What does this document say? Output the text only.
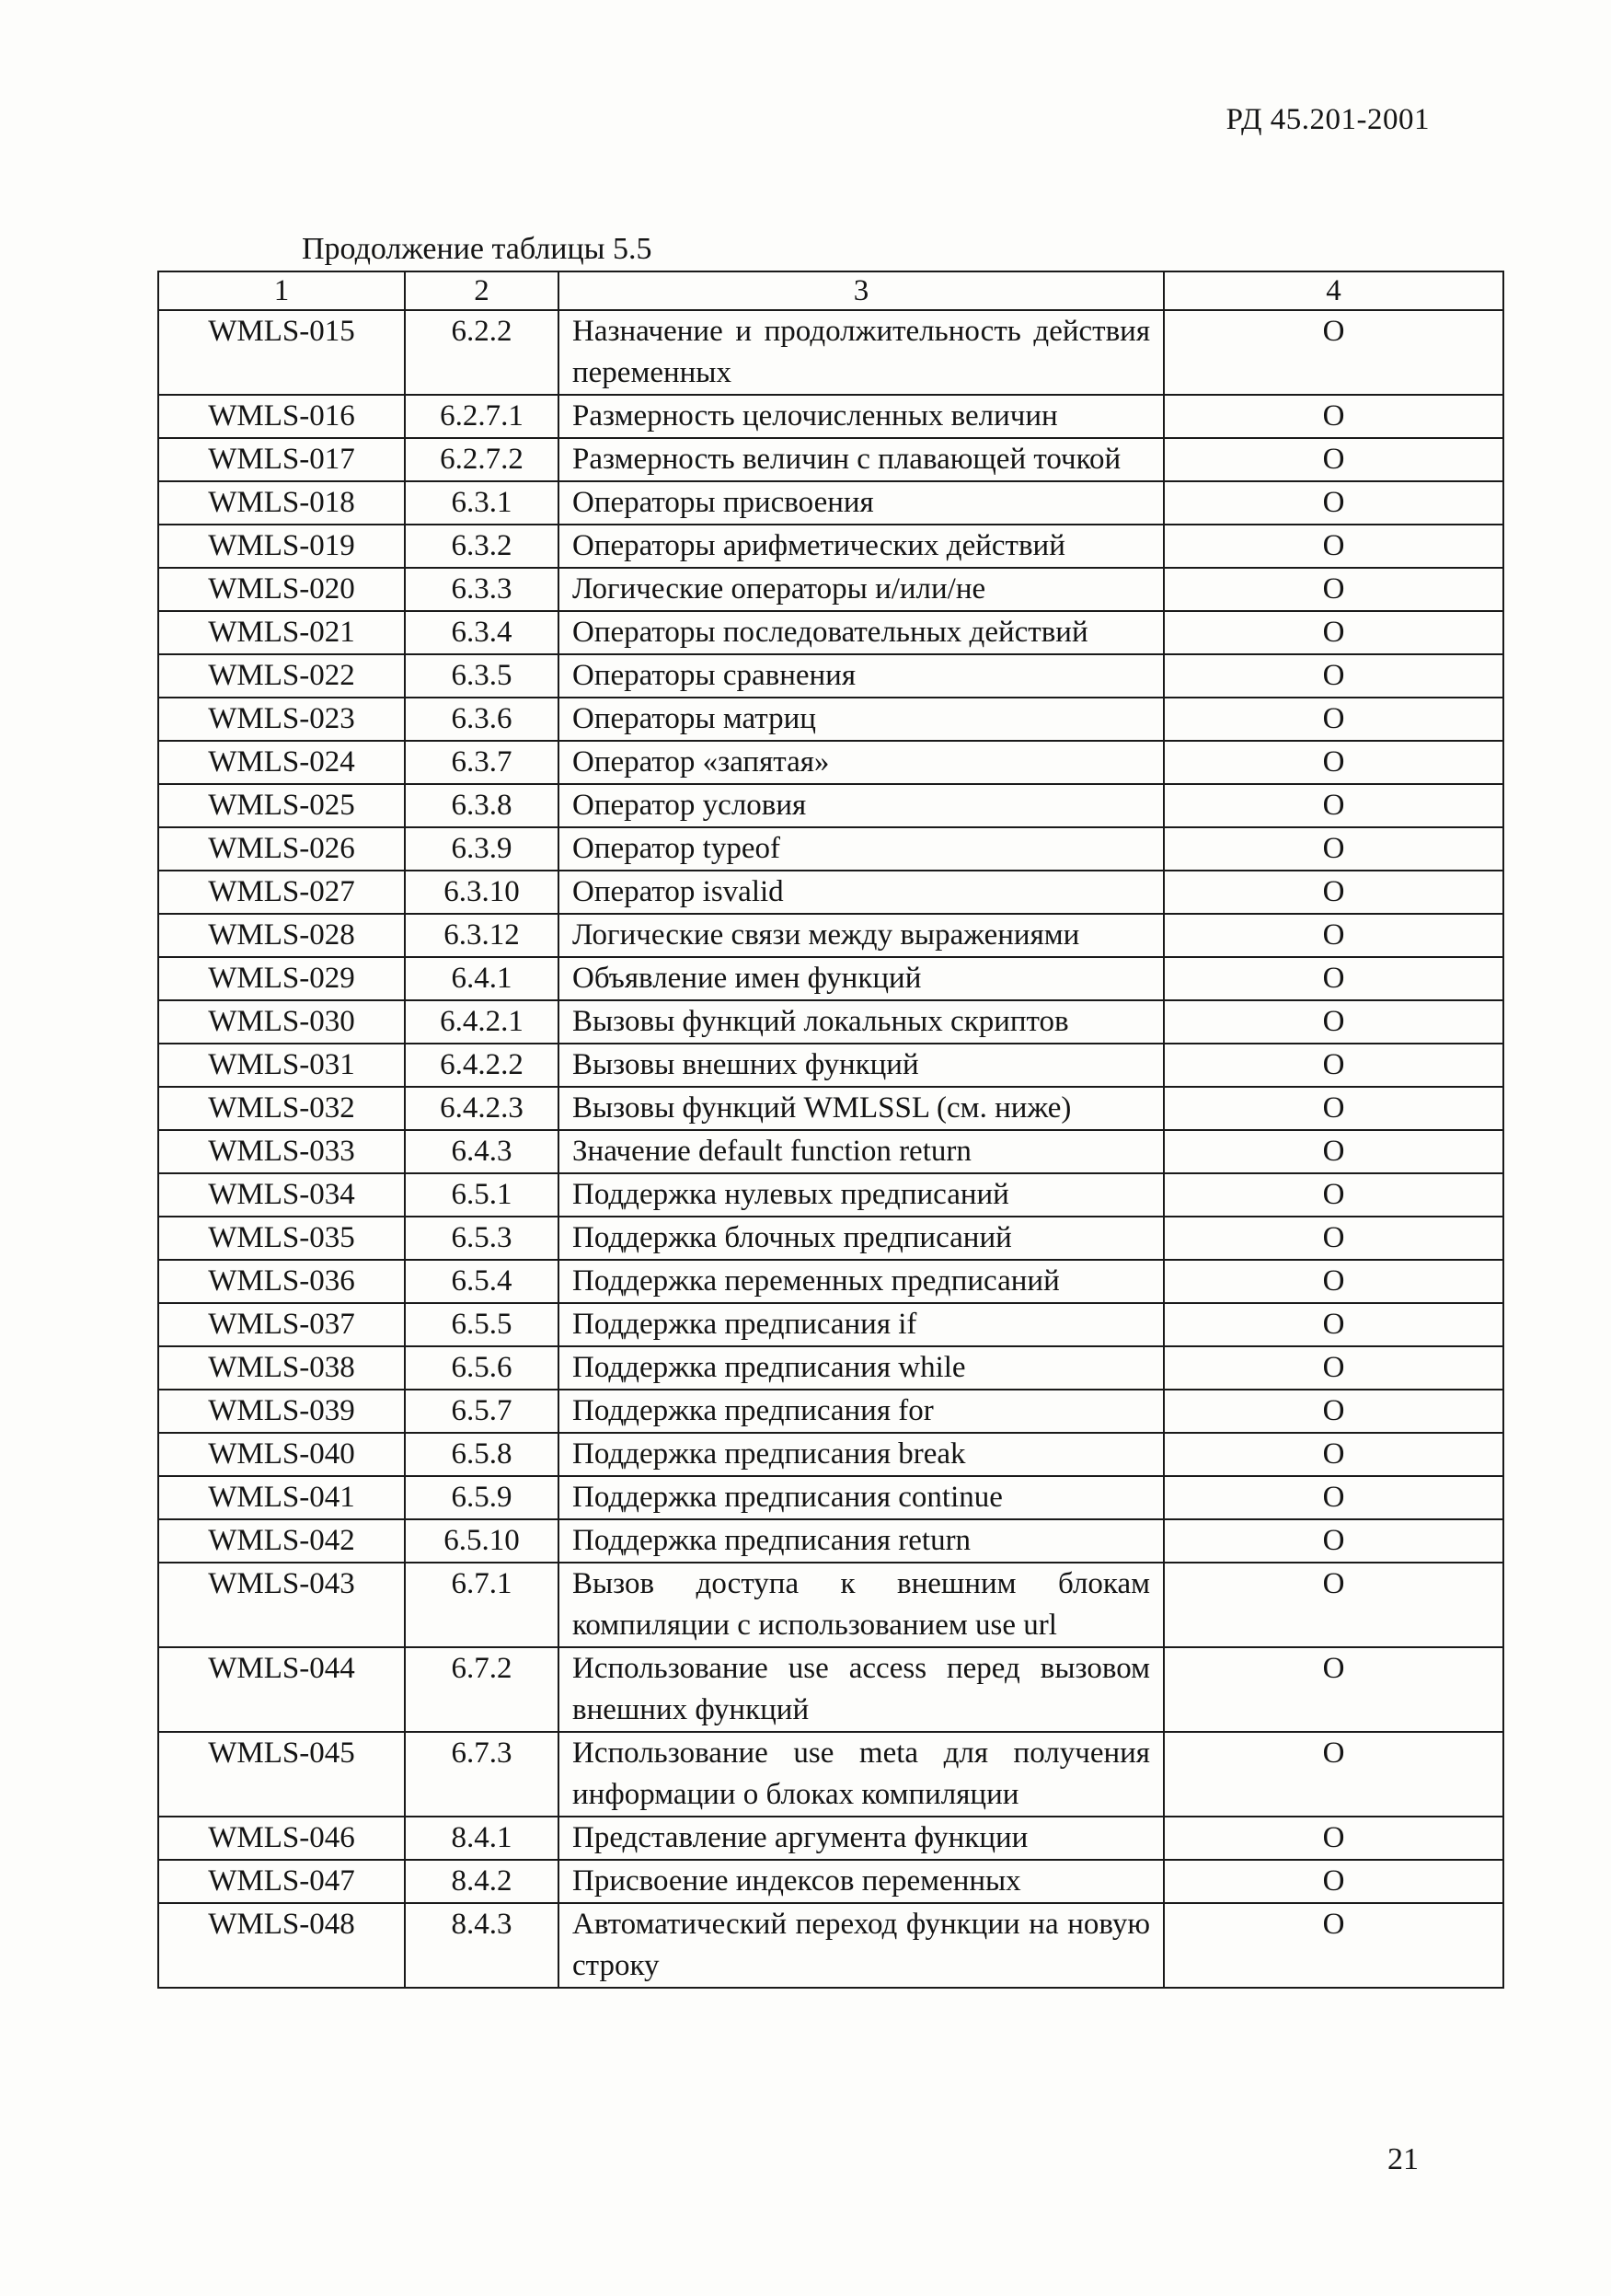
РД 45.201-2001
Продолжение таблицы 5.5
1	2	3	4
WMLS-015	6.2.2	Назначение и продолжительность действия переменных	О
WMLS-016	6.2.7.1	Размерность целочисленных величин	О
WMLS-017	6.2.7.2	Размерность величин с плавающей точкой	О
WMLS-018	6.3.1	Операторы присвоения	О
WMLS-019	6.3.2	Операторы арифметических действий	О
WMLS-020	6.3.3	Логические операторы и/или/не	О
WMLS-021	6.3.4	Операторы последовательных действий	О
WMLS-022	6.3.5	Операторы сравнения	О
WMLS-023	6.3.6	Операторы матриц	О
WMLS-024	6.3.7	Оператор «запятая»	О
WMLS-025	6.3.8	Оператор условия	О
WMLS-026	6.3.9	Оператор typeof	О
WMLS-027	6.3.10	Оператор isvalid	О
WMLS-028	6.3.12	Логические связи между выражениями	О
WMLS-029	6.4.1	Объявление имен функций	О
WMLS-030	6.4.2.1	Вызовы функций локальных скриптов	О
WMLS-031	6.4.2.2	Вызовы внешних функций	О
WMLS-032	6.4.2.3	Вызовы функций WMLSSL (см. ниже)	О
WMLS-033	6.4.3	Значение default function return	О
WMLS-034	6.5.1	Поддержка нулевых предписаний	О
WMLS-035	6.5.3	Поддержка блочных предписаний	О
WMLS-036	6.5.4	Поддержка переменных предписаний	О
WMLS-037	6.5.5	Поддержка предписания if	О
WMLS-038	6.5.6	Поддержка предписания while	О
WMLS-039	6.5.7	Поддержка предписания for	О
WMLS-040	6.5.8	Поддержка предписания break	О
WMLS-041	6.5.9	Поддержка предписания continue	О
WMLS-042	6.5.10	Поддержка предписания return	О
WMLS-043	6.7.1	Вызов доступа к внешним блокам компиляции с использованием use url	О
WMLS-044	6.7.2	Использование use access перед вызовом внешних функций	О
WMLS-045	6.7.3	Использование use meta для получения информации о блоках компиляции	О
WMLS-046	8.4.1	Представление аргумента функции	О
WMLS-047	8.4.2	Присвоение индексов переменных	О
WMLS-048	8.4.3	Автоматический переход функции на новую строку	О
21
